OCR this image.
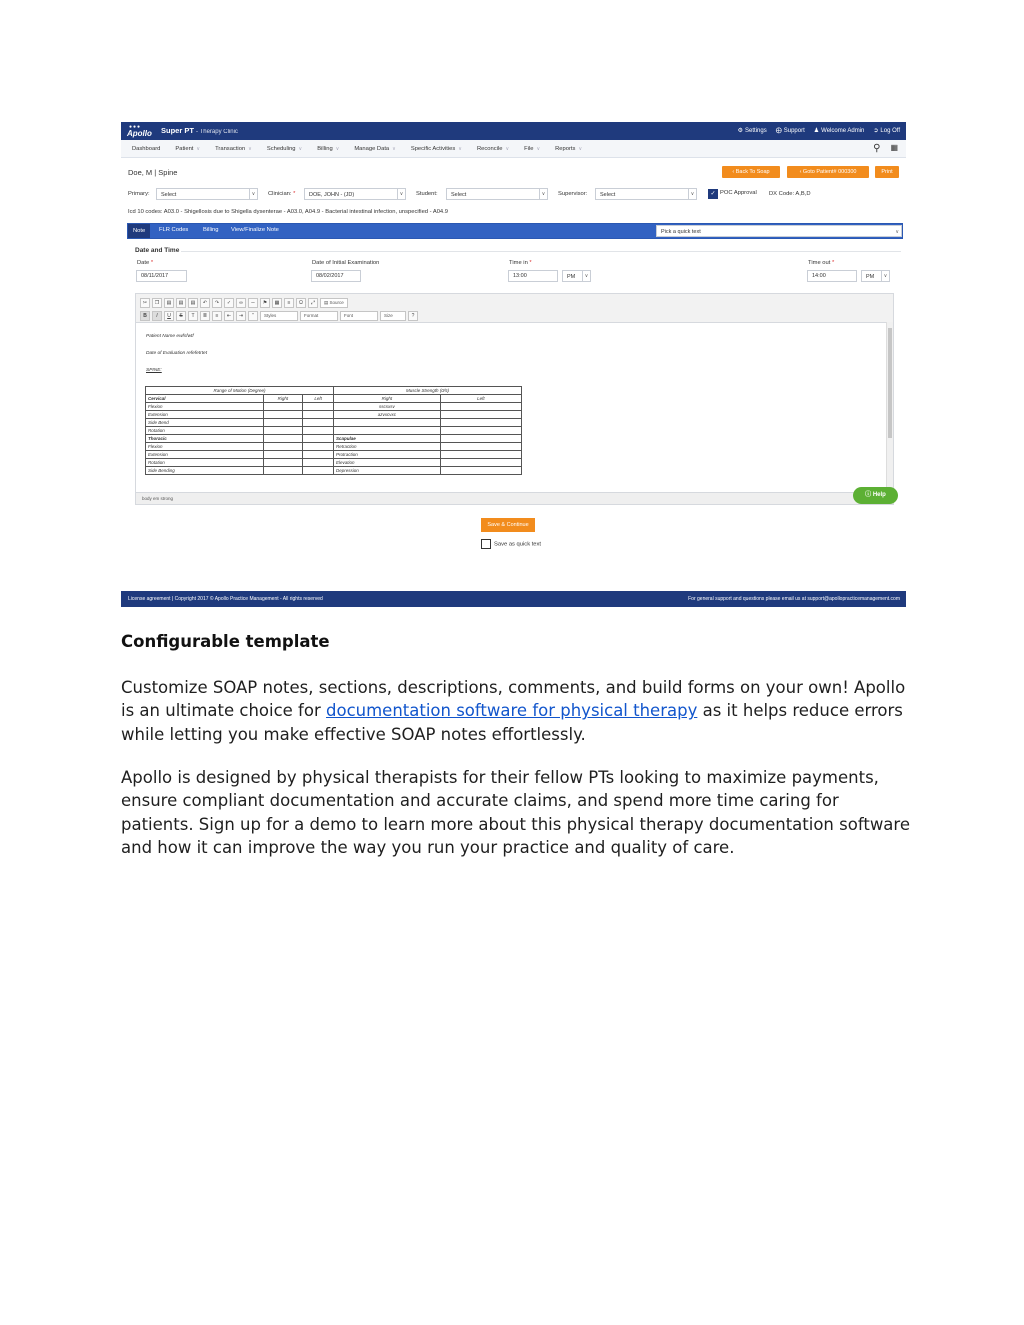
●●●
Apollo Super PT - Therapy Clinic	⚙ Settings ⨁ Support ♟ Welcome Admin ➲ Log Off
Dashboard	Patient ∨	Transaction ∨	Scheduling ∨	Billing ∨	Manage Data ∨	Specific Activities ∨	Reconcile ∨	File ∨	Reports ∨	⚲ ▦
Doe, M | Spine	‹ Back To Soap	‹ Goto Patient# 000300	Print
Primary:	Select	∨ Clinician: *	DOE, JOHN - (JD)	∨ Student:	Select	∨ Supervisor:	Select	∨	✓ POC Approval DX Code: A,B,D
Icd 10 codes: A03.0 - Shigellosis due to Shigella dysenterae - A03.0, A04.9 - Bacterial intestinal infection, unspecified - A04.9
Note	FLR Codes	Billing View/Finalize Note	Pick a quick text	∨
Date and Time
Date *
08/11/2017
Date of Initial Examination
08/02/2017
Time in *
13:00	PM	∨
Time out *
14:00	PM	∨
✂	❐	▤	▤	▤	↶	↷	✓	∞	∼	⚑	▦	≡	Ω	⤢	▤ Source
B	I	U	S	T	≣	≡	⇤	⇥	”	Styles	Format	Font	Size	?
Patient Name ewfsfwtf
Date of Evaluation refefetrtet
SPINE:
Range of Motion (Degree)			Muscle Strength (0/5)	
Cervical	Right	Left	Right	Left
Flexion			sscsxsv	
Extension			azvxcvxc	
Side Bend				
Rotation				
Thoracic			Scapulae	
Flexion			Retraction	
Extension			Protraction	
Rotation			Elevation	
Side Bending			Depression	
body em strong
ⓘ Help
Save & Continue
Save as quick text
License agreement | Copyright 2017 © Apollo Practice Management - All rights reserved	For general support and questions please email us at support@apollopracticemanagement.com
Configurable template
Customize SOAP notes, sections, descriptions, comments, and build forms on your own! Apollo is an ultimate choice for documentation software for physical therapy as it helps reduce errors while letting you make effective SOAP notes effortlessly.
Apollo is designed by physical therapists for their fellow PTs looking to maximize payments, ensure compliant documentation and accurate claims, and spend more time caring for patients. Sign up for a demo to learn more about this physical therapy documentation software and how it can improve the way you run your practice and quality of care.
